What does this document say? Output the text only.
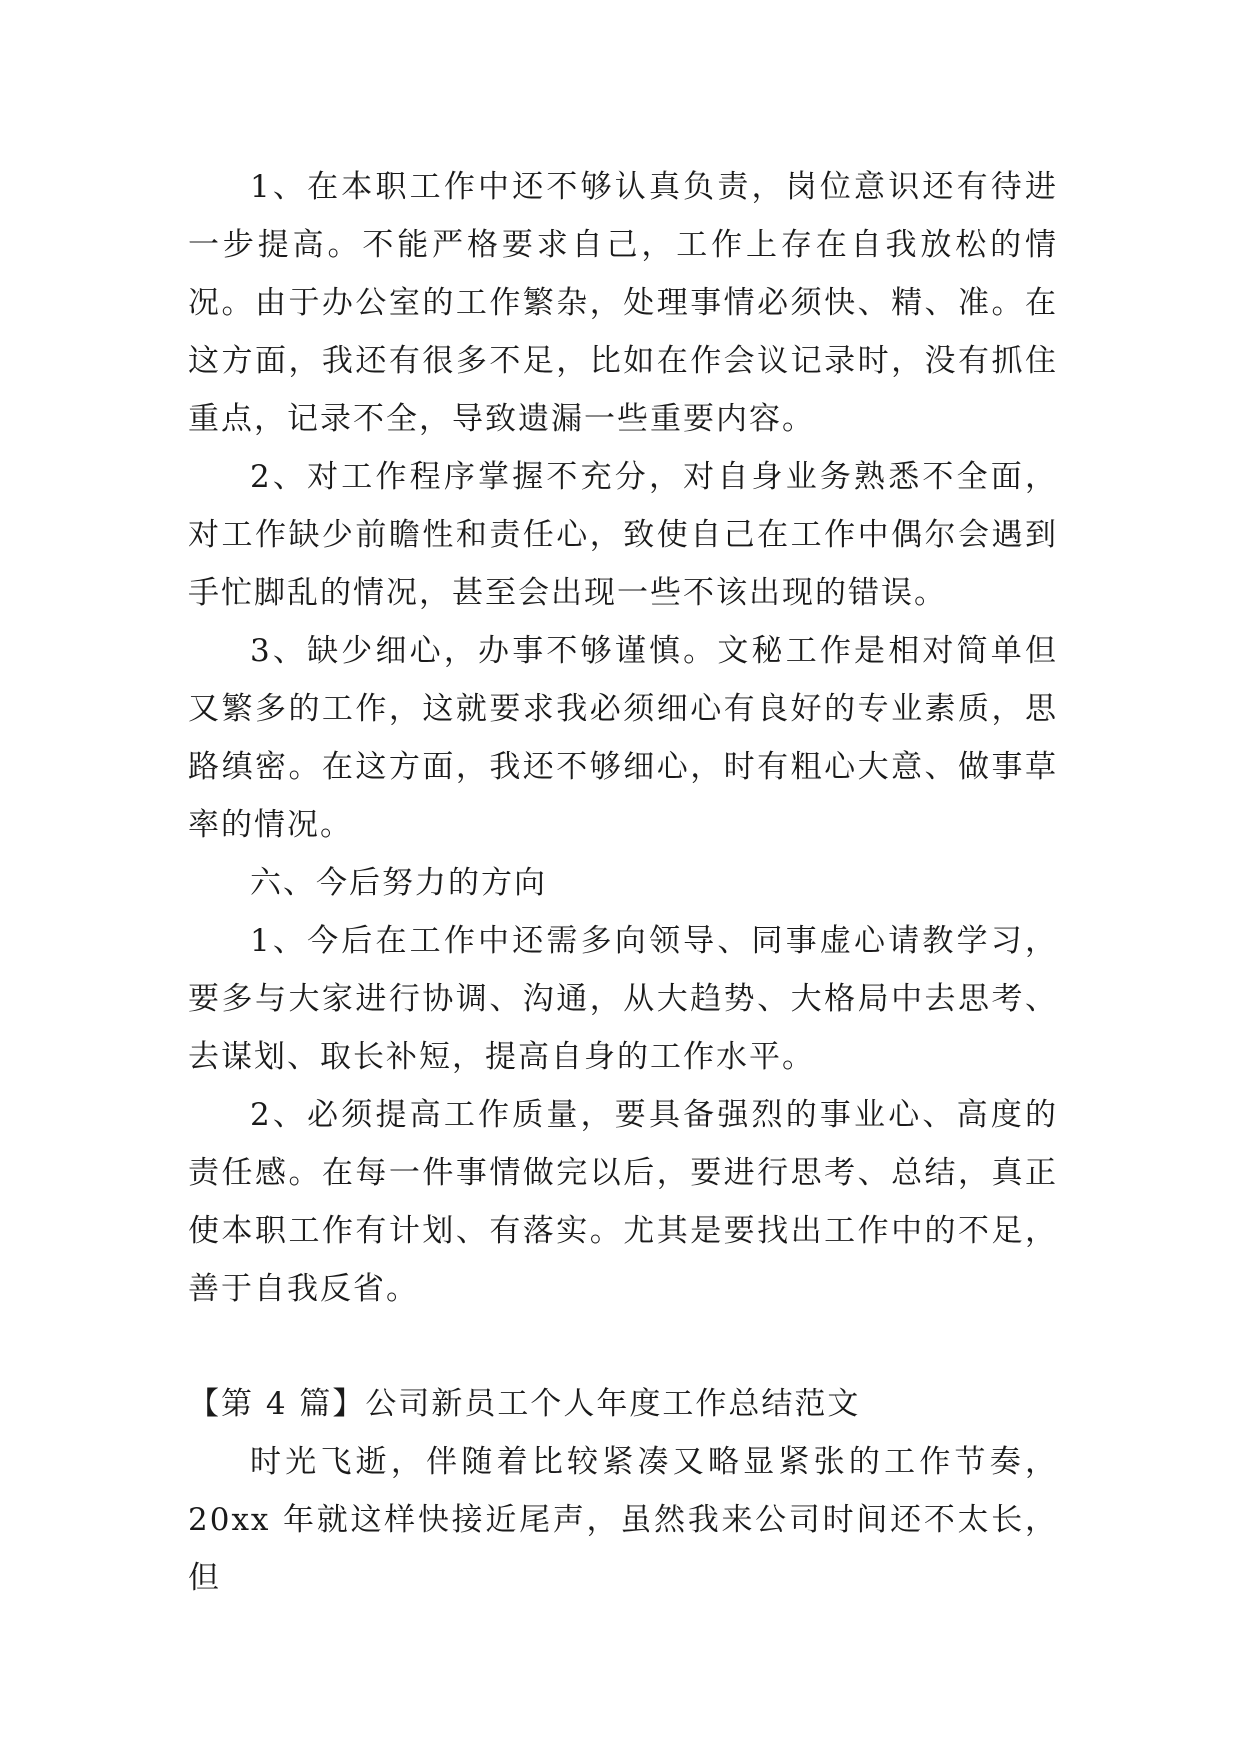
1、在本职工作中还不够认真负责，岗位意识还有待进一步提高。不能严格要求自己，工作上存在自我放松的情况。由于办公室的工作繁杂，处理事情必须快、精、准。在这方面，我还有很多不足，比如在作会议记录时，没有抓住重点，记录不全，导致遗漏一些重要内容。

2、对工作程序掌握不充分，对自身业务熟悉不全面，对工作缺少前瞻性和责任心，致使自己在工作中偶尔会遇到手忙脚乱的情况，甚至会出现一些不该出现的错误。

3、缺少细心，办事不够谨慎。文秘工作是相对简单但又繁多的工作，这就要求我必须细心有良好的专业素质，思路缜密。在这方面，我还不够细心，时有粗心大意、做事草率的情况。

六、今后努力的方向

1、今后在工作中还需多向领导、同事虚心请教学习，要多与大家进行协调、沟通，从大趋势、大格局中去思考、去谋划、取长补短，提高自身的工作水平。

2、必须提高工作质量，要具备强烈的事业心、高度的责任感。在每一件事情做完以后，要进行思考、总结，真正使本职工作有计划、有落实。尤其是要找出工作中的不足，善于自我反省。

【第 4 篇】公司新员工个人年度工作总结范文

时光飞逝，伴随着比较紧凑又略显紧张的工作节奏，20xx 年就这样快接近尾声，虽然我来公司时间还不太长，但
